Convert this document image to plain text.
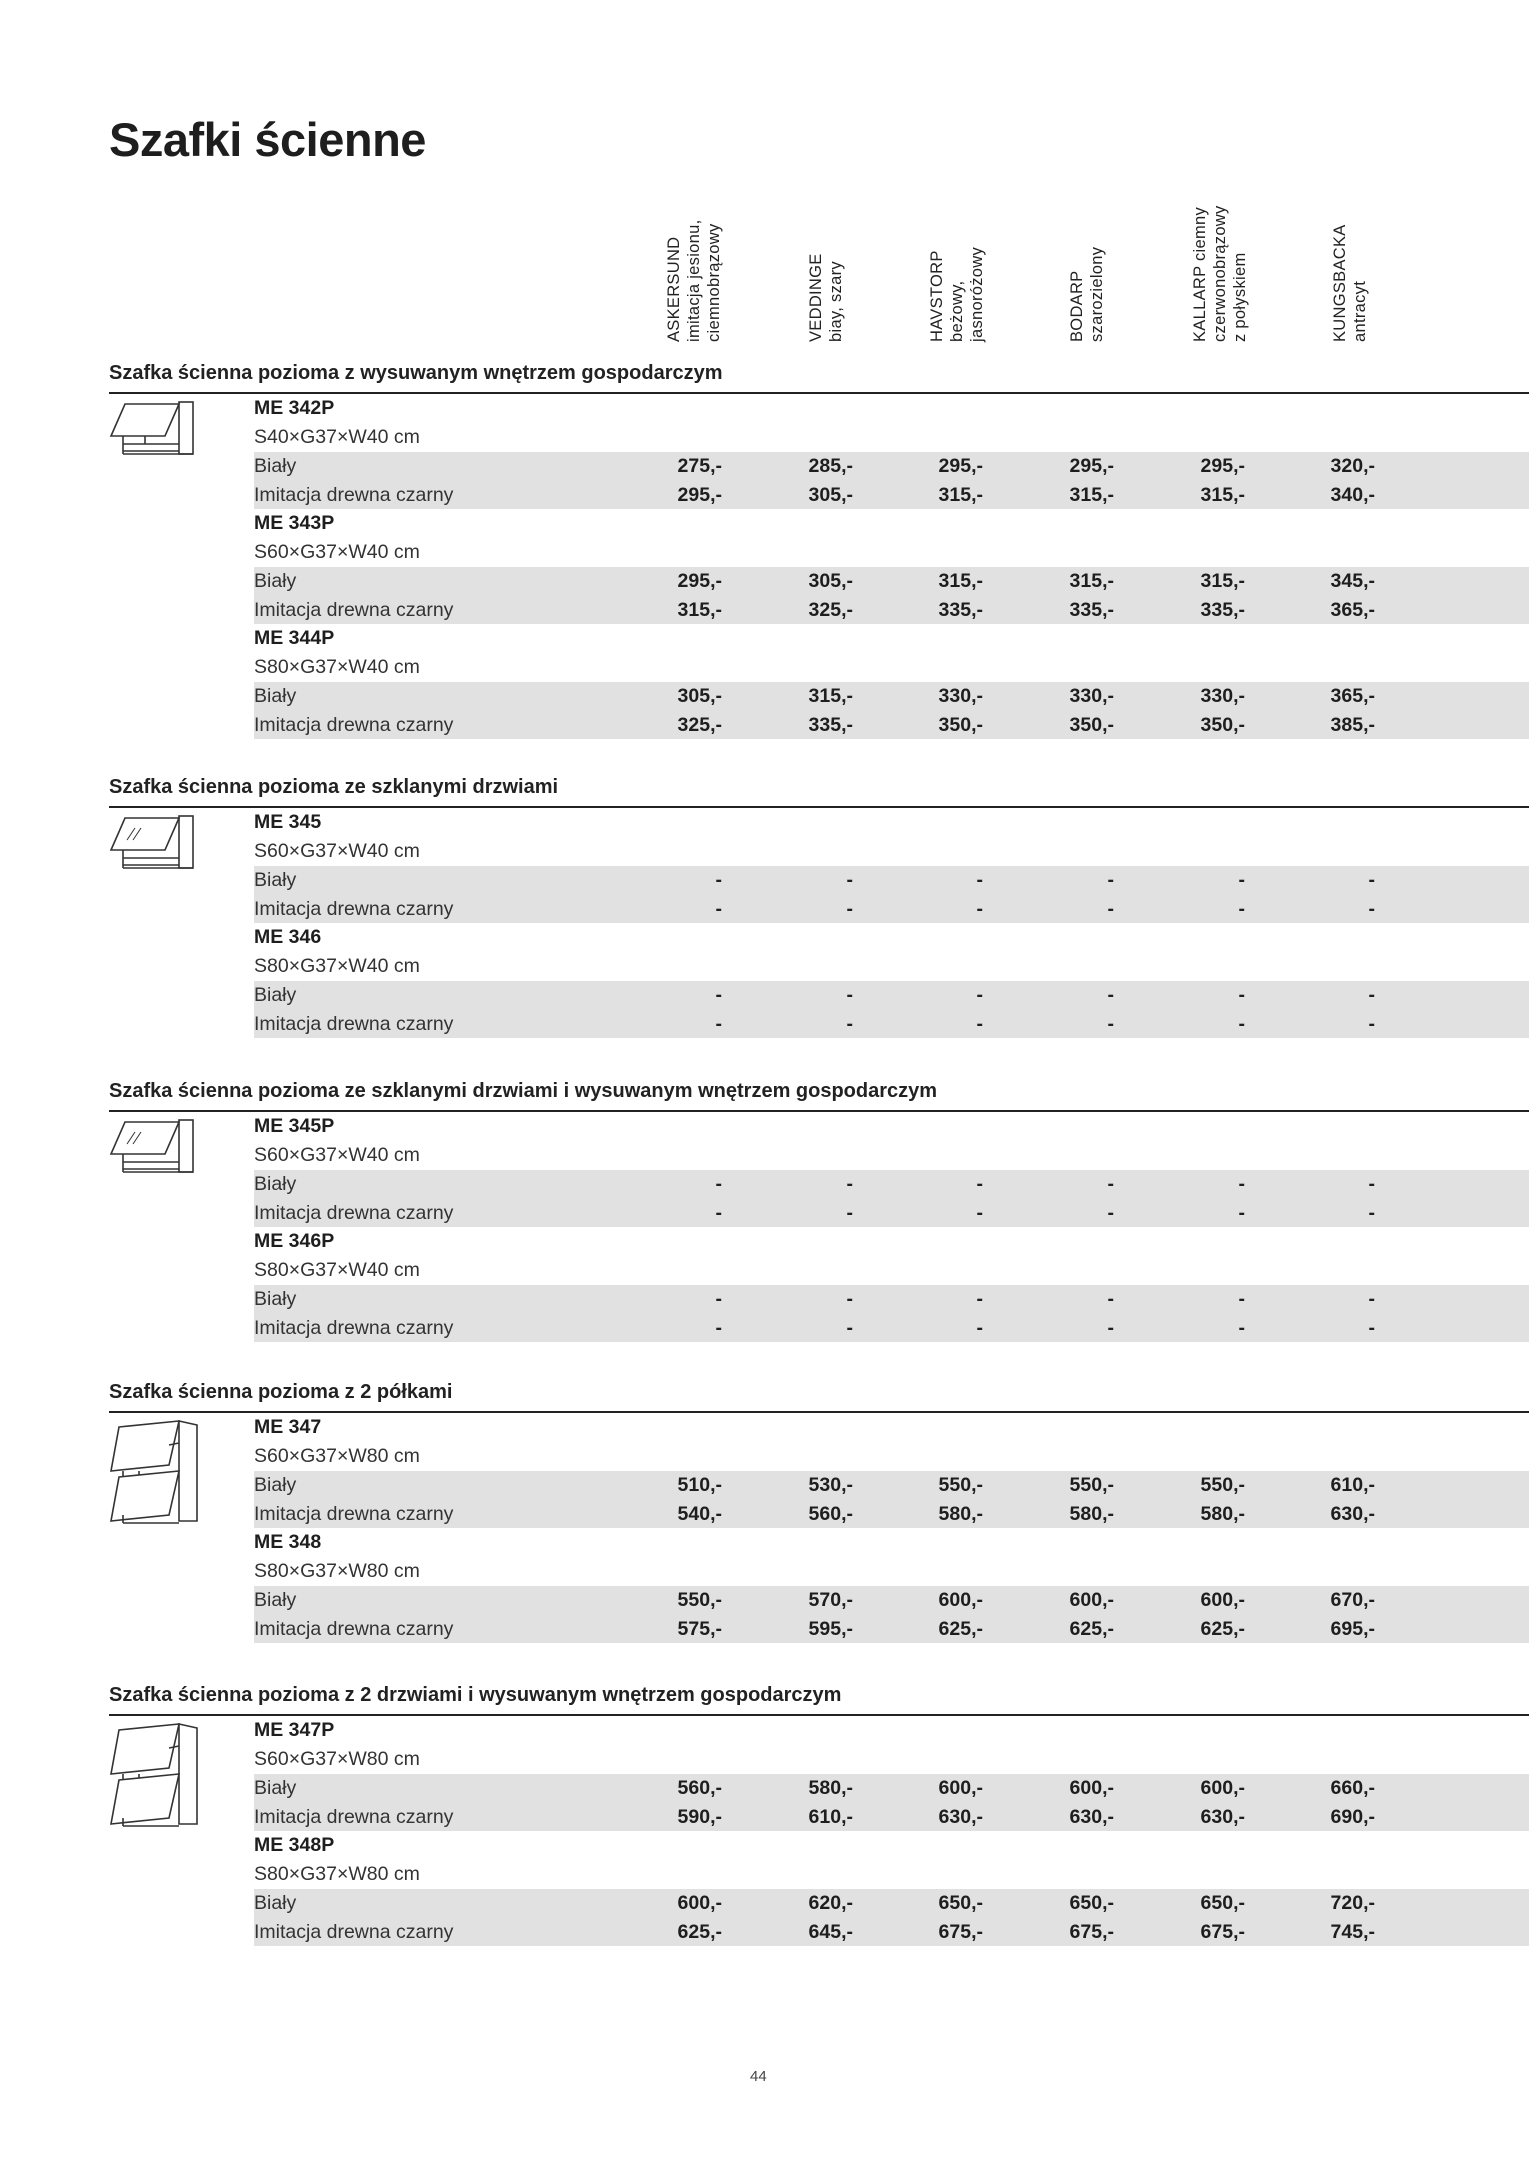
Szafki ścienne
ASKERSUND imitacja jesionu, ciemnobrązowy	VEDDINGE biay, szary	HAVSTORP beżowy, jasnoróżowy	BODARP szarozielony	KALLARP ciemny czerwonobrązowy z połyskiem	KUNGSBACKA antracyt
Szafka ścienna pozioma z wysuwanym wnętrzem gospodarczym
ME 342P
S40×G37×W40 cm
Biały	275,-	285,-	295,-	295,-	295,-	320,-
Imitacja drewna czarny	295,-	305,-	315,-	315,-	315,-	340,-
ME 343P
S60×G37×W40 cm
Biały	295,-	305,-	315,-	315,-	315,-	345,-
Imitacja drewna czarny	315,-	325,-	335,-	335,-	335,-	365,-
ME 344P
S80×G37×W40 cm
Biały	305,-	315,-	330,-	330,-	330,-	365,-
Imitacja drewna czarny	325,-	335,-	350,-	350,-	350,-	385,-
Szafka ścienna pozioma ze szklanymi drzwiami
ME 345
S60×G37×W40 cm
Biały	-	-	-	-	-	-
Imitacja drewna czarny	-	-	-	-	-	-
ME 346
S80×G37×W40 cm
Biały	-	-	-	-	-	-
Imitacja drewna czarny	-	-	-	-	-	-
Szafka ścienna pozioma ze szklanymi drzwiami i wysuwanym wnętrzem gospodarczym
ME 345P
S60×G37×W40 cm
Biały	-	-	-	-	-	-
Imitacja drewna czarny	-	-	-	-	-	-
ME 346P
S80×G37×W40 cm
Biały	-	-	-	-	-	-
Imitacja drewna czarny	-	-	-	-	-	-
Szafka ścienna pozioma z 2 półkami
ME 347
S60×G37×W80 cm
Biały	510,-	530,-	550,-	550,-	550,-	610,-
Imitacja drewna czarny	540,-	560,-	580,-	580,-	580,-	630,-
ME 348
S80×G37×W80 cm
Biały	550,-	570,-	600,-	600,-	600,-	670,-
Imitacja drewna czarny	575,-	595,-	625,-	625,-	625,-	695,-
Szafka ścienna pozioma z 2 drzwiami i wysuwanym wnętrzem gospodarczym
ME 347P
S60×G37×W80 cm
Biały	560,-	580,-	600,-	600,-	600,-	660,-
Imitacja drewna czarny	590,-	610,-	630,-	630,-	630,-	690,-
ME 348P
S80×G37×W80 cm
Biały	600,-	620,-	650,-	650,-	650,-	720,-
Imitacja drewna czarny	625,-	645,-	675,-	675,-	675,-	745,-
44
